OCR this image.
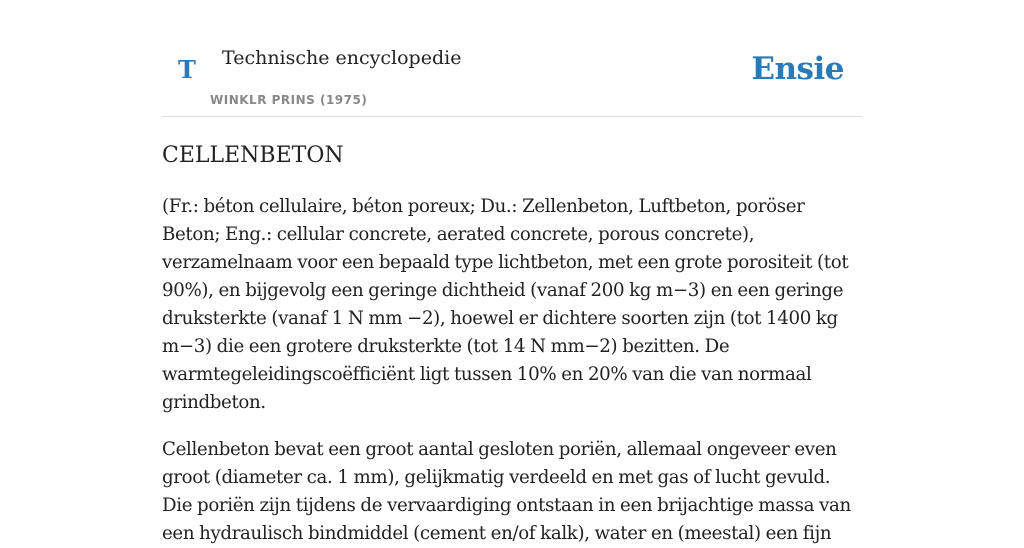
T Technische encyclopedie
WINKLR PRINS (1975)
Ensie
CELLENBETON

(Fr.: béton cellulaire, béton poreux; Du.: Zellenbeton, Luftbeton, poröser Beton; Eng.: cellular concrete, aerated concrete, porous concrete), verzamelnaam voor een bepaald type lichtbeton, met een grote porositeit (tot 90%), en bijgevolg een geringe dichtheid (vanaf 200 kg m−3) en een geringe druksterkte (vanaf 1 N mm −2), hoewel er dichtere soorten zijn (tot 1400 kg m−3) die een grotere druksterkte (tot 14 N mm−2) bezitten. De warmtegeleidingscoëfficiënt ligt tussen 10% en 20% van die van normaal grindbeton.

Cellenbeton bevat een groot aantal gesloten poriën, allemaal ongeveer even groot (diameter ca. 1 mm), gelijkmatig verdeeld en met gas of lucht gevuld. Die poriën zijn tijdens de vervaardiging ontstaan in een brijachtige massa van een hydraulisch bindmiddel (cement en/of kalk), water en (meestal) een fijn
